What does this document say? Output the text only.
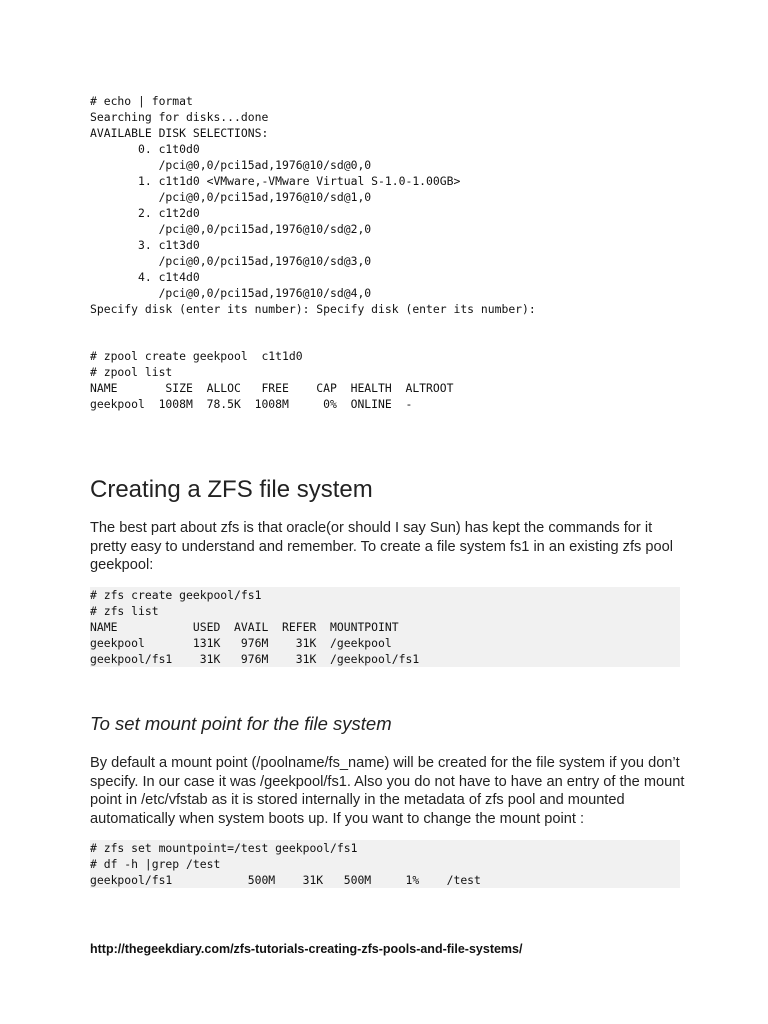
# echo | format
Searching for disks...done
AVAILABLE DISK SELECTIONS:
0. c1t0d0
/pci@0,0/pci15ad,1976@10/sd@0,0
1. c1t1d0 <VMware,-VMware Virtual S-1.0-1.00GB>
/pci@0,0/pci15ad,1976@10/sd@1,0
2. c1t2d0
/pci@0,0/pci15ad,1976@10/sd@2,0
3. c1t3d0
/pci@0,0/pci15ad,1976@10/sd@3,0
4. c1t4d0
/pci@0,0/pci15ad,1976@10/sd@4,0
Specify disk (enter its number): Specify disk (enter its number):
# zpool create geekpool  c1t1d0
# zpool list
NAME       SIZE  ALLOC   FREE    CAP  HEALTH  ALTROOT
geekpool  1008M  78.5K  1008M     0%  ONLINE  -
Creating a ZFS file system

The best part about zfs is that oracle(or should I say Sun) has kept the commands for it pretty easy to understand and remember. To create a file system fs1 in an existing zfs pool geekpool:

# zfs create geekpool/fs1
# zfs list
NAME           USED  AVAIL  REFER  MOUNTPOINT
geekpool       131K   976M    31K  /geekpool
geekpool/fs1    31K   976M    31K  /geekpool/fs1
To set mount point for the file system

By default a mount point (/poolname/fs_name) will be created for the file system if you don’t specify. In our case it was /geekpool/fs1. Also you do not have to have an entry of the mount point in /etc/vfstab as it is stored internally in the metadata of zfs pool and mounted automatically when system boots up. If you want to change the mount point :

# zfs set mountpoint=/test geekpool/fs1
# df -h |grep /test
geekpool/fs1           500M    31K   500M     1%    /test
http://thegeekdiary.com/zfs-tutorials-creating-zfs-pools-and-file-systems/
